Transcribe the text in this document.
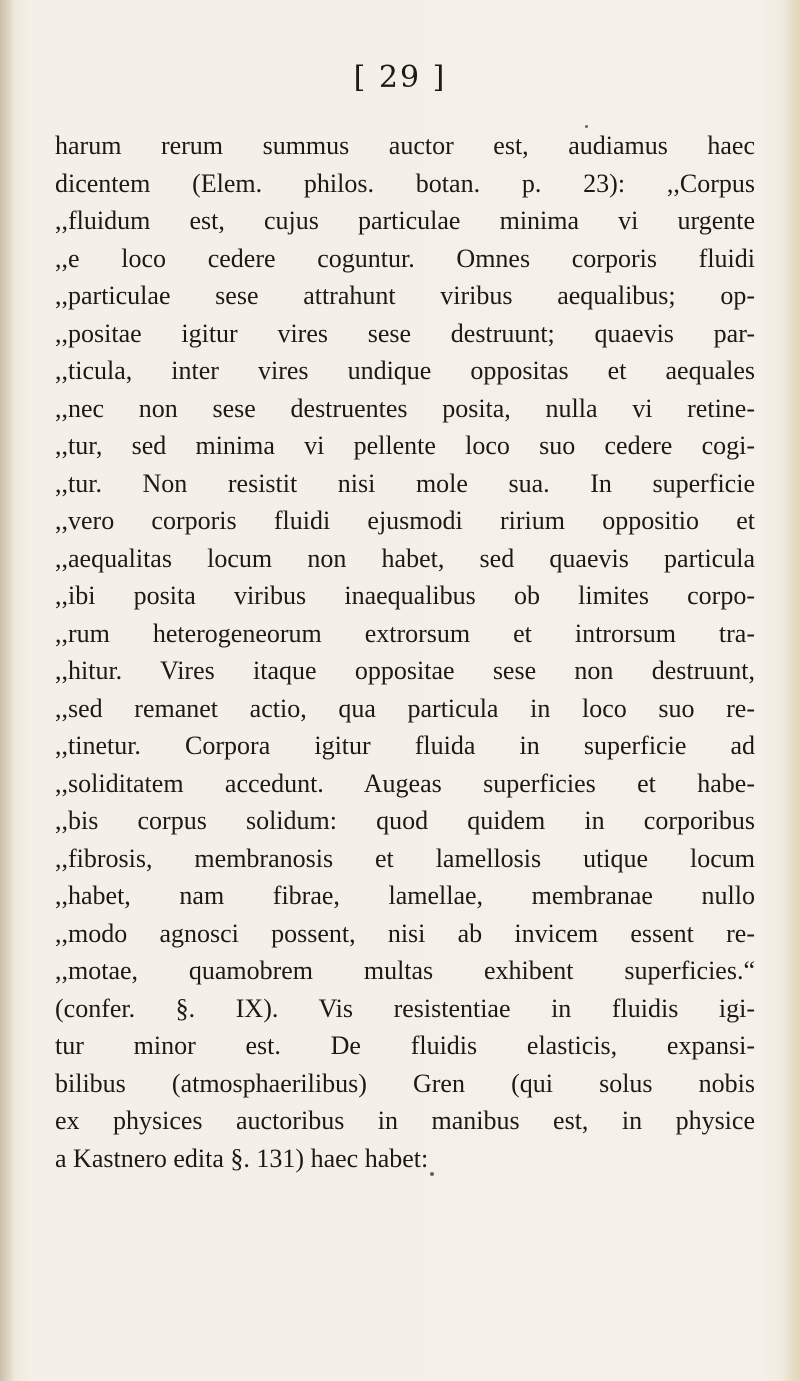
[ 29 ]
harum rerum summus auctor est, audiamus haec
dicentem (Elem. philos. botan. p. 23): ,,Corpus
,,fluidum est, cujus particulae minima vi urgente
,,e loco cedere coguntur. Omnes corporis fluidi
,,particulae sese attrahunt viribus aequalibus; op-
,,positae igitur vires sese destruunt; quaevis par-
,,ticula, inter vires undique oppositas et aequales
,,nec non sese destruentes posita, nulla vi retine-
,,tur, sed minima vi pellente loco suo cedere cogi-
,,tur. Non resistit nisi mole sua. In superficie
,,vero corporis fluidi ejusmodi ririum oppositio et
,,aequalitas locum non habet, sed quaevis particula
,,ibi posita viribus inaequalibus ob limites corpo-
,,rum heterogeneorum extrorsum et introrsum tra-
,,hitur. Vires itaque oppositae sese non destruunt,
,,sed remanet actio, qua particula in loco suo re-
,,tinetur. Corpora igitur fluida in superficie ad
,,soliditatem accedunt. Augeas superficies et habe-
,,bis corpus solidum: quod quidem in corporibus
,,fibrosis, membranosis et lamellosis utique locum
,,habet, nam fibrae, lamellae, membranae nullo
,,modo agnosci possent, nisi ab invicem essent re-
,,motae, quamobrem multas exhibent superficies.“
(confer. §. IX). Vis resistentiae in fluidis igi-
tur minor est. De fluidis elasticis, expansi-
bilibus (atmosphaerilibus) Gren (qui solus nobis
ex physices auctoribus in manibus est, in physice
a Kastnero edita §. 131) haec habet:
